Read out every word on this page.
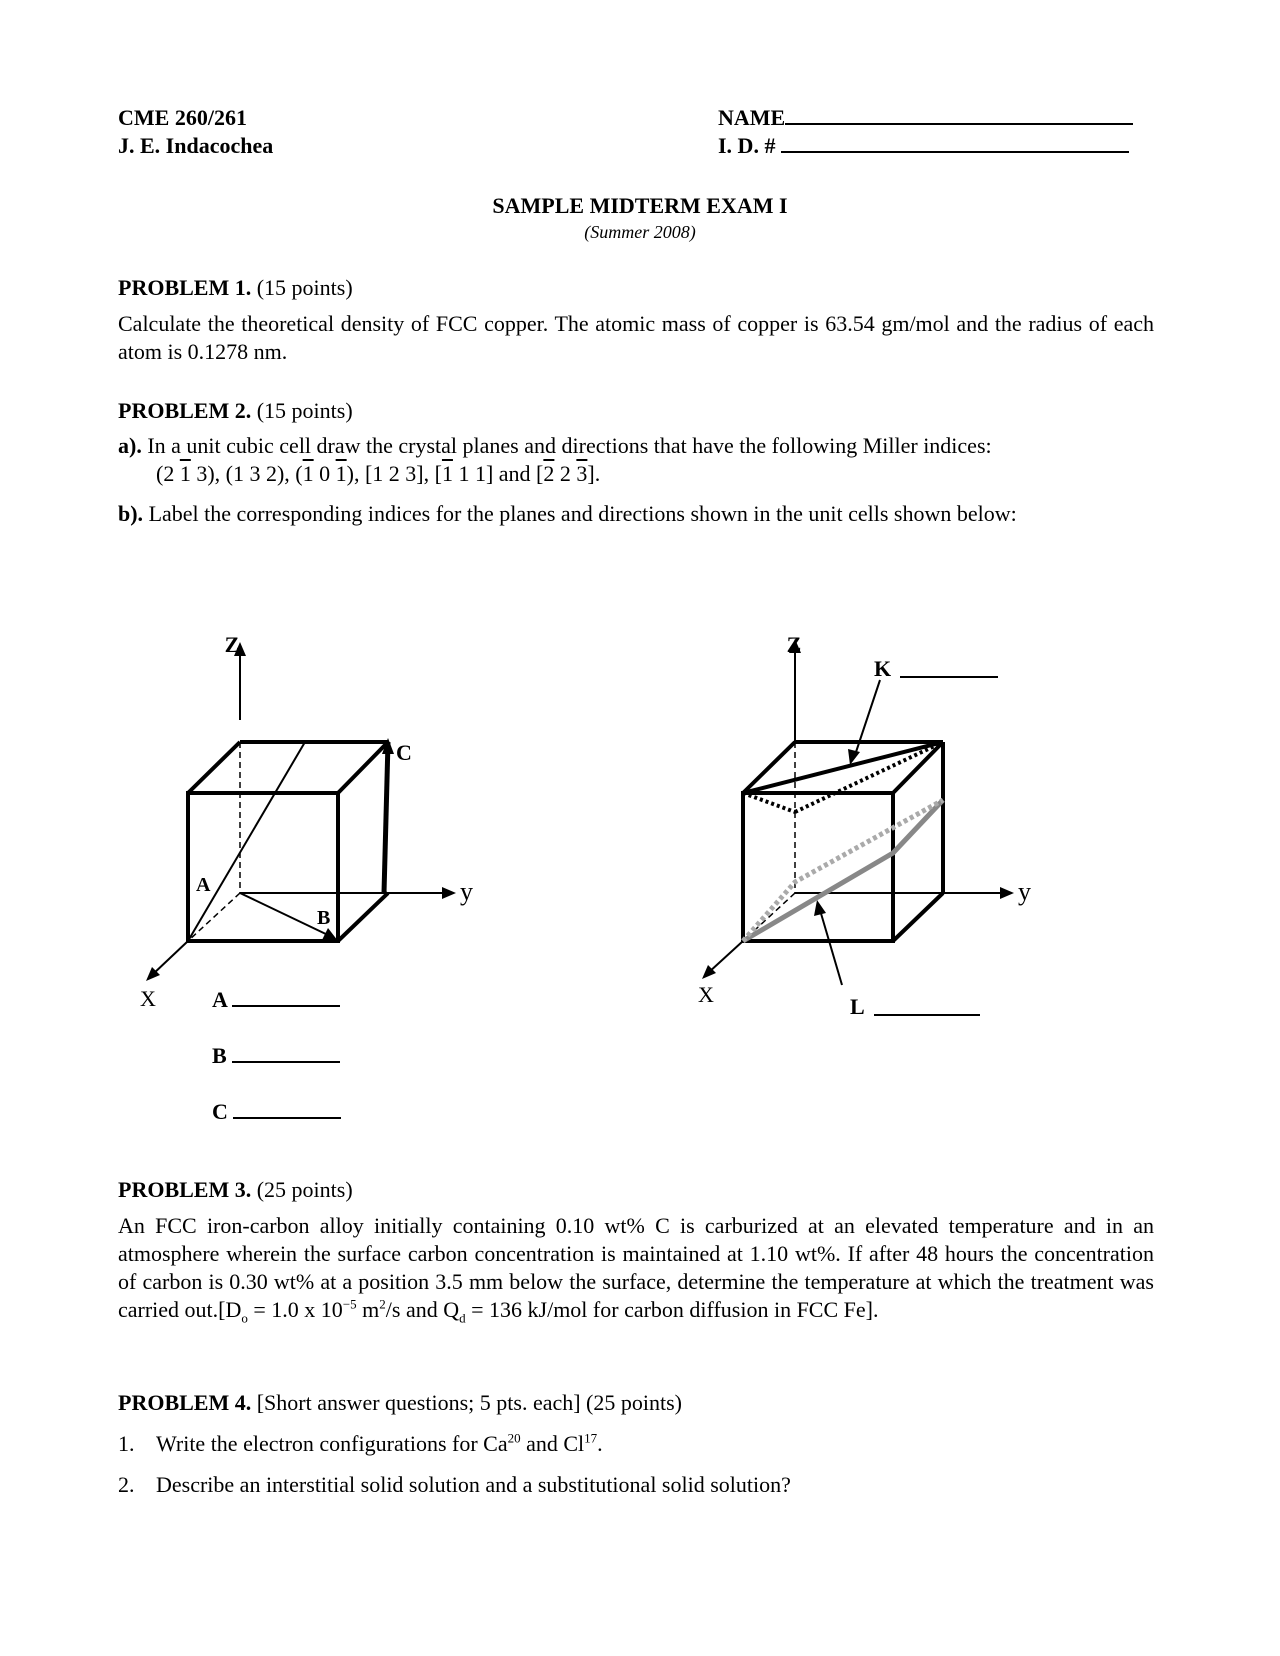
CME 260/261
J. E. Indacochea
NAME
I. D. #
SAMPLE MIDTERM EXAM I
(Summer 2008)
PROBLEM 1. (15 points)
Calculate the theoretical density of FCC copper. The atomic mass of copper is 63.54 gm/mol and the radius of each atom is 0.1278 nm.
PROBLEM 2. (15 points)
a). In a unit cubic cell draw the crystal planes and directions that have the following Miller indices:
(2 1 3), (1 3 2), (1 0 1), [1 2 3], [1 1 1] and [2 2 3].
b). Label the corresponding indices for the planes and directions shown in the unit cells shown below:
Z
y
X
A
B
C
Z
y
X
K
L
A
B
C
PROBLEM 3. (25 points)
An FCC iron-carbon alloy initially containing 0.10 wt% C is carburized at an elevated temperature and in an atmosphere wherein the surface carbon concentration is maintained at 1.10 wt%. If after 48 hours the concentration of carbon is 0.30 wt% at a position 3.5 mm below the surface, determine the temperature at which the treatment was carried $out.[D_o = 1.0$ x $10^{-5}$ $m^2/s$ and $Q_d = 136$ kJ/mol for carbon diffusion in FCC Fe].
PROBLEM 4. [Short answer questions; 5 pts. each] (25 points)
1. Write the electron configurations for Ca$^{20}$ and Cl$^{17}$.
2. Describe an interstitial solid solution and a substitutional solid solution?
